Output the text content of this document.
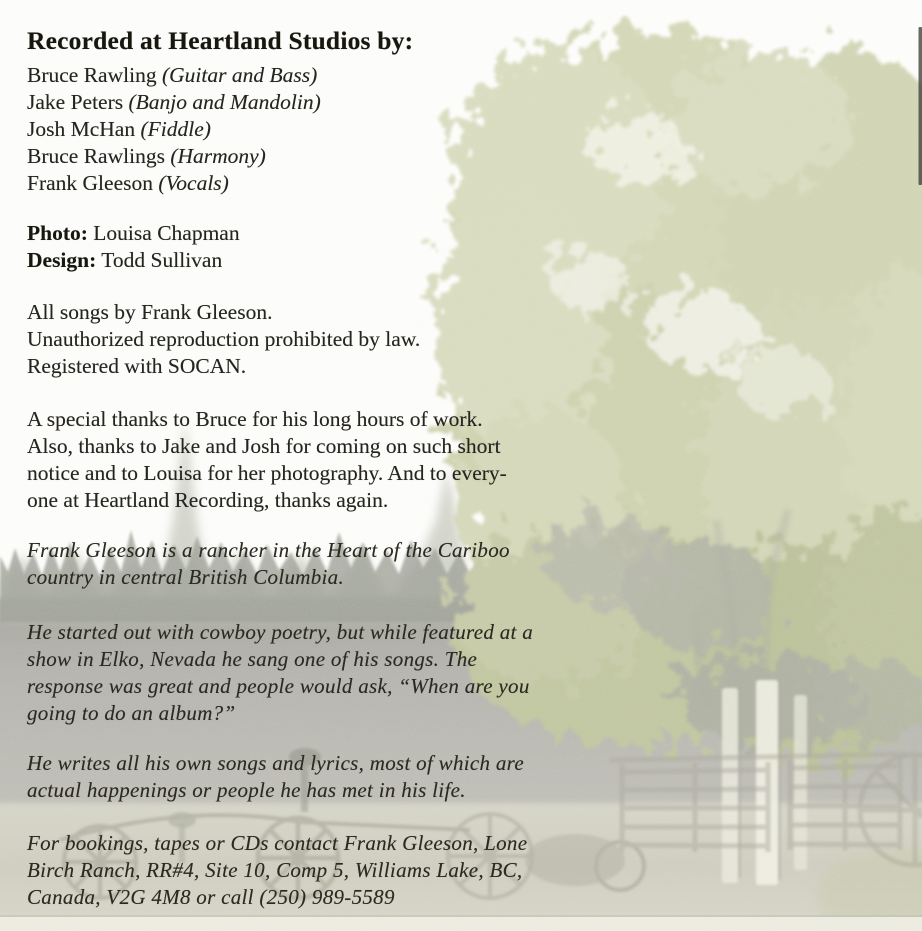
Recorded at Heartland Studios by:
Bruce Rawling (Guitar and Bass)
Jake Peters (Banjo and Mandolin)
Josh McHan (Fiddle)
Bruce Rawlings (Harmony)
Frank Gleeson (Vocals)
Photo: Louisa Chapman
Design: Todd Sullivan
All songs by Frank Gleeson.
Unauthorized reproduction prohibited by law.
Registered with SOCAN.
A special thanks to Bruce for his long hours of work.
Also, thanks to Jake and Josh for coming on such short
notice and to Louisa for her photography. And to every-
one at Heartland Recording, thanks again.
Frank Gleeson is a rancher in the Heart of the Cariboo
country in central British Columbia.
He started out with cowboy poetry, but while featured at a
show in Elko, Nevada he sang one of his songs. The
response was great and people would ask, “When are you
going to do an album?”
He writes all his own songs and lyrics, most of which are
actual happenings or people he has met in his life.
For bookings, tapes or CDs contact Frank Gleeson, Lone
Birch Ranch, RR#4, Site 10, Comp 5, Williams Lake, BC,
Canada, V2G 4M8 or call (250) 989-5589
